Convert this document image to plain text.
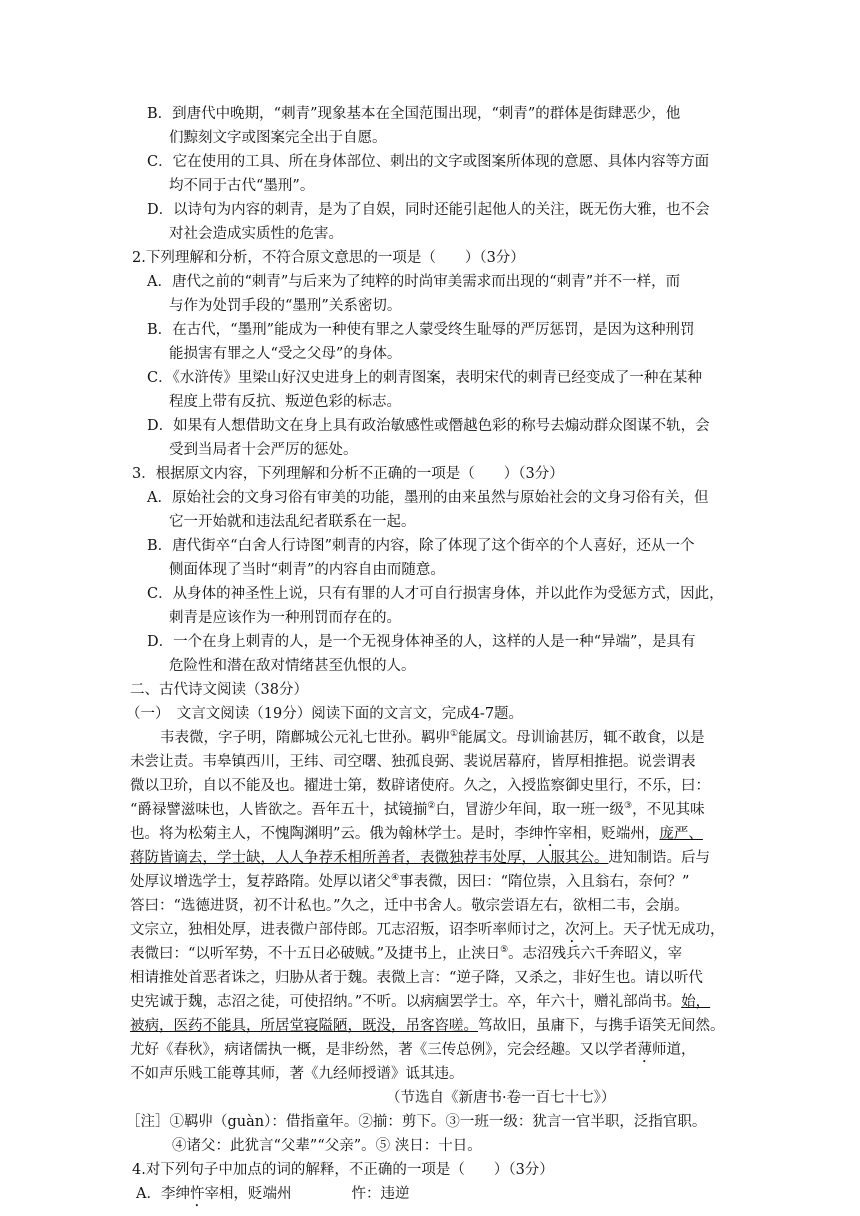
B．到唐代中晚期，“刺青”现象基本在全国范围出现，“刺青”的群体是街肆恶少，他
们黥刻文字或图案完全出于自愿。
C．它在使用的工具、所在身体部位、刺出的文字或图案所体现的意愿、具体内容等方面
均不同于古代“墨刑”。
D．以诗句为内容的刺青，是为了自娱，同时还能引起他人的关注，既无伤大雅，也不会
对社会造成实质性的危害。
2.下列理解和分析，不符合原文意思的一项是（　　）（3分）
A．唐代之前的“刺青”与后来为了纯粹的时尚审美需求而出现的“刺青”并不一样，而
与作为处罚手段的“墨刑”关系密切。
B．在古代，“墨刑”能成为一种使有罪之人蒙受终生耻辱的严厉惩罚，是因为这种刑罚
能损害有罪之人“受之父母”的身体。
C．《水浒传》里梁山好汉史进身上的刺青图案，表明宋代的刺青已经变成了一种在某种
程度上带有反抗、叛逆色彩的标志。
D．如果有人想借助文在身上具有政治敏感性或僭越色彩的称号去煽动群众图谋不轨，会
受到当局者十会严厉的惩处。
3．根据原文内容，下列理解和分析不正确的一项是（　　）（3分）
A．原始社会的文身习俗有审美的功能，墨刑的由来虽然与原始社会的文身习俗有关，但
它一开始就和违法乱纪者联系在一起。
B．唐代街卒“白舍人行诗图”刺青的内容，除了体现了这个街卒的个人喜好，还从一个
侧面体现了当时“刺青”的内容自由而随意。
C．从身体的神圣性上说，只有有罪的人才可自行损害身体，并以此作为受惩方式，因此，
刺青是应该作为一种刑罚而存在的。
D．一个在身上刺青的人，是一个无视身体神圣的人，这样的人是一种“异端”，是具有
危险性和潜在敌对情绪甚至仇恨的人。
二、古代诗文阅读（38分）
（一）　文言文阅读（19分）阅读下面的文言文，完成4-7题。
韦表微，字子明，隋鄜城公元礼七世孙。羁丱①能属文。母训谕甚厉，辄不敢食，以是
未尝让责。韦皋镇西川，王纬、司空曙、独孤良弼、裴说居幕府，皆厚相推挹。说尝谓表
微以卫玠，自以不能及也。擢进士第，数辟诸使府。久之，入授监察御史里行，不乐，曰：
“爵禄譬滋味也，人皆欲之。吾年五十，拭镜揃②白，冒游少年间，取一班一级③，不见其味
也。将为松菊主人，不愧陶渊明”云。俄为翰林学士。是时，李绅忤宰相，贬端州，庞严、
蒋防皆谪去，学士缺，人人争荐禾相所善者，表微独荐韦处厚，人服其公。进知制诰。后与
处厚议增选学士，复荐路隋。处厚以诸父④事表微，因曰：“隋位崇，入且翁右，奈何？”
答曰：“选德进贤，初不计私也。”久之，迁中书舍人。敬宗尝语左右，欲相二韦，会崩。
文宗立，独相处厚，进表微户部侍郎。兀志沼叛，诏李听率师讨之，次河上。天子忧无成功，
表微曰：“以听军势，不十五日必破贼。”及捷书上，止浃日⑤。志沼残兵六千奔昭义，宰
相请推处首恶者诛之，归胁从者于魏。表微上言：“逆子降，又杀之，非好生也。请以听代
史宪诚于魏，志沼之徒，可使招纳。”不听。以病痼罢学士。卒，年六十，赠礼部尚书。始，
被病，医药不能具，所居堂寝隘陋，既没，吊客咨嗟。笃故旧，虽庸下，与携手语笑无间然。
尤好《春秋》，病诸儒执一概，是非纷然，著《三传总例》，完会经趣。又以学者薄师道，
不如声乐贱工能尊其师，著《九经师授谱》诋其违。
（节选自《新唐书·卷一百七十七》）
［注］①羁丱（guàn）：借指童年。②揃：剪下。③一班一级：犹言一官半职，泛指官职。
④诸父：此犹言“父辈”“父亲”。⑤ 浃日：十日。
4.对下列句子中加点的词的解释，不正确的一项是（　　）（3分）
A．李绅忤宰相，贬端州	忤：违逆
